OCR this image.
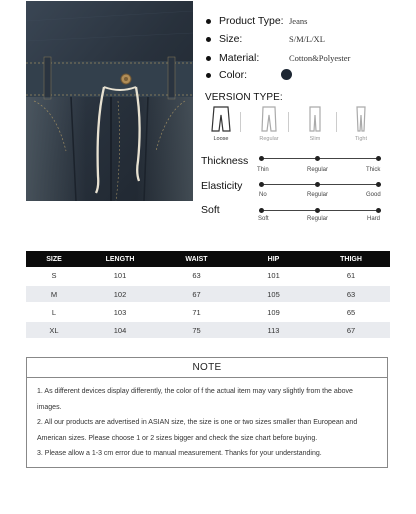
Product Type: Jeans
Size:	S/M/L/XL
Material:	Cotton&Polyester
Color:
VERSION TYPE:
Loose	Regular	Slim	Tight
Thickness
Thin	Regular	Thick
Elasticity
No	Regular	Good
Soft
Soft	Regular	Hard
SIZE	LENGTH	WAIST	HIP	THIGH
S	101	63	101	61
M	102	67	105	63
L	103	71	109	65
XL	104	75	113	67
NOTE

1. As different devices display differently, the color of f the actual item may vary slightly from the above

images.

2. All our products are advertised in ASIAN size, the size is one or two sizes smaller than European and

American sizes. Please choose 1 or 2 sizes bigger and check the size chart before buying.

3. Please allow a 1-3 cm error due to manual measurement. Thanks for your understanding.
